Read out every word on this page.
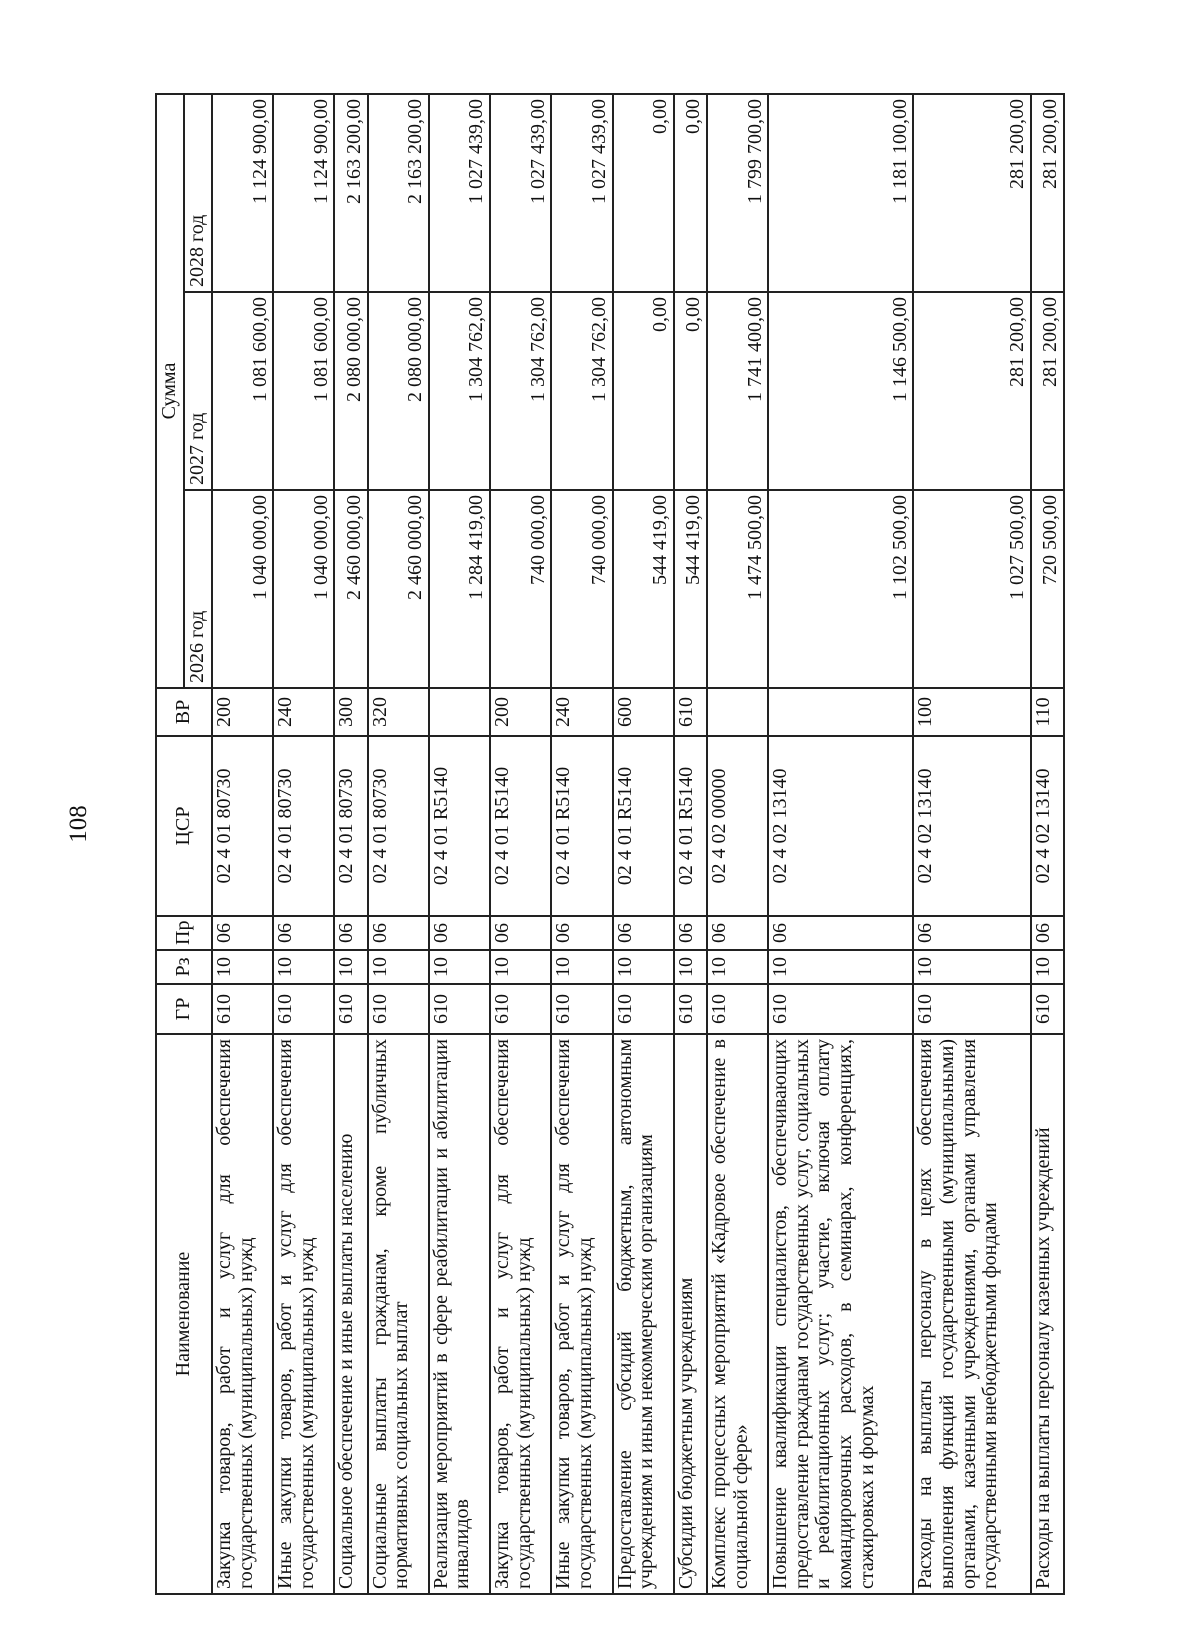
108
Наименование	ГР	Рз	Пр	ЦСР	ВР	Сумма		
						2026 год	2027 год	2028 год
Закупка товаров, работ и услуг для обеспечения государственных (муниципальных) нужд	610	10	06	02 4 01 80730	200	1 040 000,00	1 081 600,00	1 124 900,00
Иные закупки товаров, работ и услуг для обеспечения государственных (муниципальных) нужд	610	10	06	02 4 01 80730	240	1 040 000,00	1 081 600,00	1 124 900,00
Социальное обеспечение и иные выплаты населению	610	10	06	02 4 01 80730	300	2 460 000,00	2 080 000,00	2 163 200,00
Социальные выплаты гражданам, кроме публичных нормативных социальных выплат	610	10	06	02 4 01 80730	320	2 460 000,00	2 080 000,00	2 163 200,00
Реализация мероприятий в сфере реабилитации и абилитации инвалидов	610	10	06	02 4 01 R5140		1 284 419,00	1 304 762,00	1 027 439,00
Закупка товаров, работ и услуг для обеспечения государственных (муниципальных) нужд	610	10	06	02 4 01 R5140	200	740 000,00	1 304 762,00	1 027 439,00
Иные закупки товаров, работ и услуг для обеспечения государственных (муниципальных) нужд	610	10	06	02 4 01 R5140	240	740 000,00	1 304 762,00	1 027 439,00
Предоставление субсидий бюджетным, автономным учреждениям и иным некоммерческим организациям	610	10	06	02 4 01 R5140	600	544 419,00	0,00	0,00
Субсидии бюджетным учреждениям	610	10	06	02 4 01 R5140	610	544 419,00	0,00	0,00
Комплекс процессных мероприятий «Кадровое обеспечение в социальной сфере»	610	10	06	02 4 02 00000		1 474 500,00	1 741 400,00	1 799 700,00
Повышение квалификации специалистов, обеспечивающих предоставление гражданам государственных услуг, социальных и реабилитационных услуг; участие, включая оплату командировочных расходов, в семинарах, конференциях, стажировках и форумах	610	10	06	02 4 02 13140		1 102 500,00	1 146 500,00	1 181 100,00
Расходы на выплаты персоналу в целях обеспечения выполнения функций государственными (муниципальными) органами, казенными учреждениями, органами управления государственными внебюджетными фондами	610	10	06	02 4 02 13140	100	1 027 500,00	281 200,00	281 200,00
Расходы на выплаты персоналу казенных учреждений	610	10	06	02 4 02 13140	110	720 500,00	281 200,00	281 200,00
